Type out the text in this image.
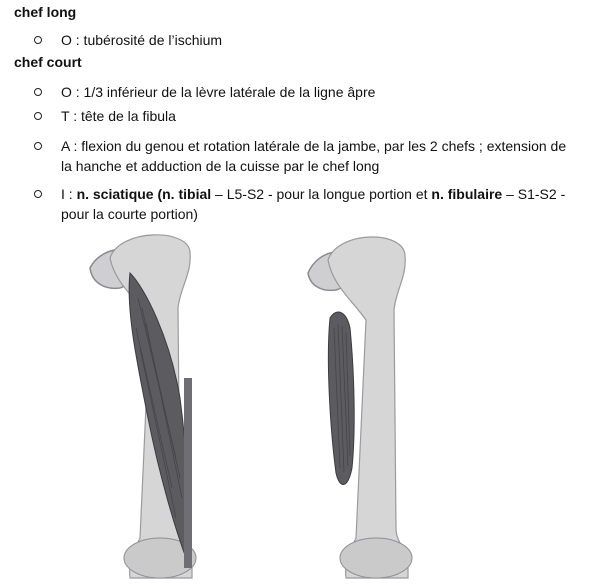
chef long
O : tubérosité de l’ischium
chef court
O : 1/3 inférieur de la lèvre latérale de la ligne âpre
T : tête de la fibula
A : flexion du genou et rotation latérale de la jambe, par les 2 chefs ; extension de la hanche et adduction de la cuisse par le chef long
I : n. sciatique (n. tibial – L5-S2 - pour la longue portion et n. fibulaire – S1-S2 - pour la courte portion)
